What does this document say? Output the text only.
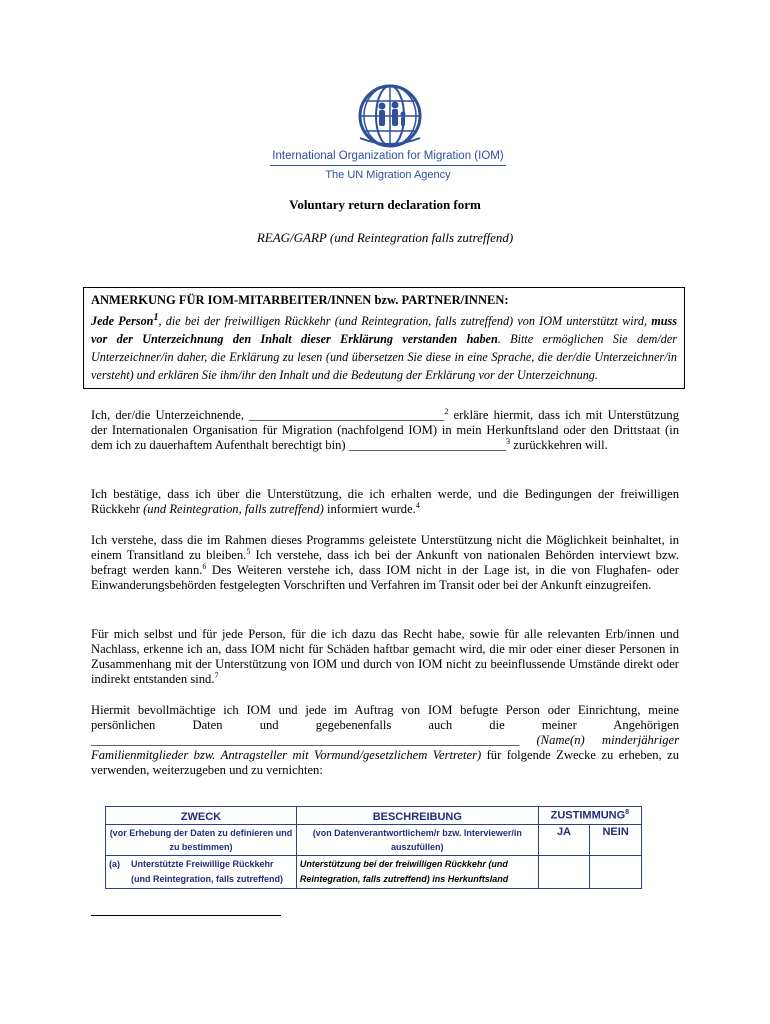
International Organization for Migration (IOM)
The UN Migration Agency
Voluntary return declaration form
REAG/GARP (und Reintegration falls zutreffend)
ANMERKUNG FÜR IOM-MITARBEITER/INNEN bzw. PARTNER/INNEN:
Jede Person$^1$, die bei der freiwilligen Rückkehr (und Reintegration, falls zutreffend) von IOM unterstützt wird, muss vor der Unterzeichnung den Inhalt dieser Erklärung verstanden haben. Bitte ermöglichen Sie dem/der Unterzeichner/in daher, die Erklärung zu lesen (und übersetzen Sie diese in eine Sprache, die der/die Unterzeichner/in versteht) und erklären Sie ihm/ihr den Inhalt und die Bedeutung der Erklärung vor der Unterzeichnung.
Ich, der/die Unterzeichnende, _______________________________$^2$ erkläre hiermit, dass ich mit Unterstützung der Internationalen Organisation für Migration (nachfolgend IOM) in mein Herkunftsland oder den Drittstaat (in dem ich zu dauerhaftem Aufenthalt berechtigt bin) _________________________$^3$ zurückkehren will.
Ich bestätige, dass ich über die Unterstützung, die ich erhalten werde, und die Bedingungen der freiwilligen Rückkehr (und Reintegration, falls zutreffend) informiert wurde.$^4$
Ich verstehe, dass die im Rahmen dieses Programms geleistete Unterstützung nicht die Möglichkeit beinhaltet, in einem Transitland zu bleiben.$^5$ Ich verstehe, dass ich bei der Ankunft von nationalen Behörden interviewt bzw. befragt werden kann.$^6$ Des Weiteren verstehe ich, dass IOM nicht in der Lage ist, in die von Flughafen- oder Einwanderungsbehörden festgelegten Vorschriften und Verfahren im Transit oder bei der Ankunft einzugreifen.
Für mich selbst und für jede Person, für die ich dazu das Recht habe, sowie für alle relevanten Erb/innen und Nachlass, erkenne ich an, dass IOM nicht für Schäden haftbar gemacht wird, die mir oder einer dieser Personen in Zusammenhang mit der Unterstützung von IOM und durch von IOM nicht zu beeinflussende Umstände direkt oder indirekt entstanden sind.$^7$
Hiermit bevollmächtige ich IOM und jede im Auftrag von IOM befugte Person oder Einrichtung, meine persönlichen Daten und gegebenenfalls auch die meiner Angehörigen ____________________________________________________________________ (Name(n) minderjähriger Familienmitglieder bzw. Antragsteller mit Vormund/gesetzlichem Vertreter) für folgende Zwecke zu erheben, zu verwenden, weiterzugeben und zu vernichten:
ZWECK	BESCHREIBUNG	ZUSTIMMUNG$^8$
(vor Erhebung der Daten zu definieren und zu bestimmen)	(von Datenverantwortlichem/r bzw. Interviewer/in auszufüllen)	JA	NEIN

(a) Unterstützte Freiwillige Rückkehr (und Reintegration, falls zutreffend)	Unterstützung bei der freiwilligen Rückkehr (und Reintegration, falls zutreffend) ins Herkunftsland		
